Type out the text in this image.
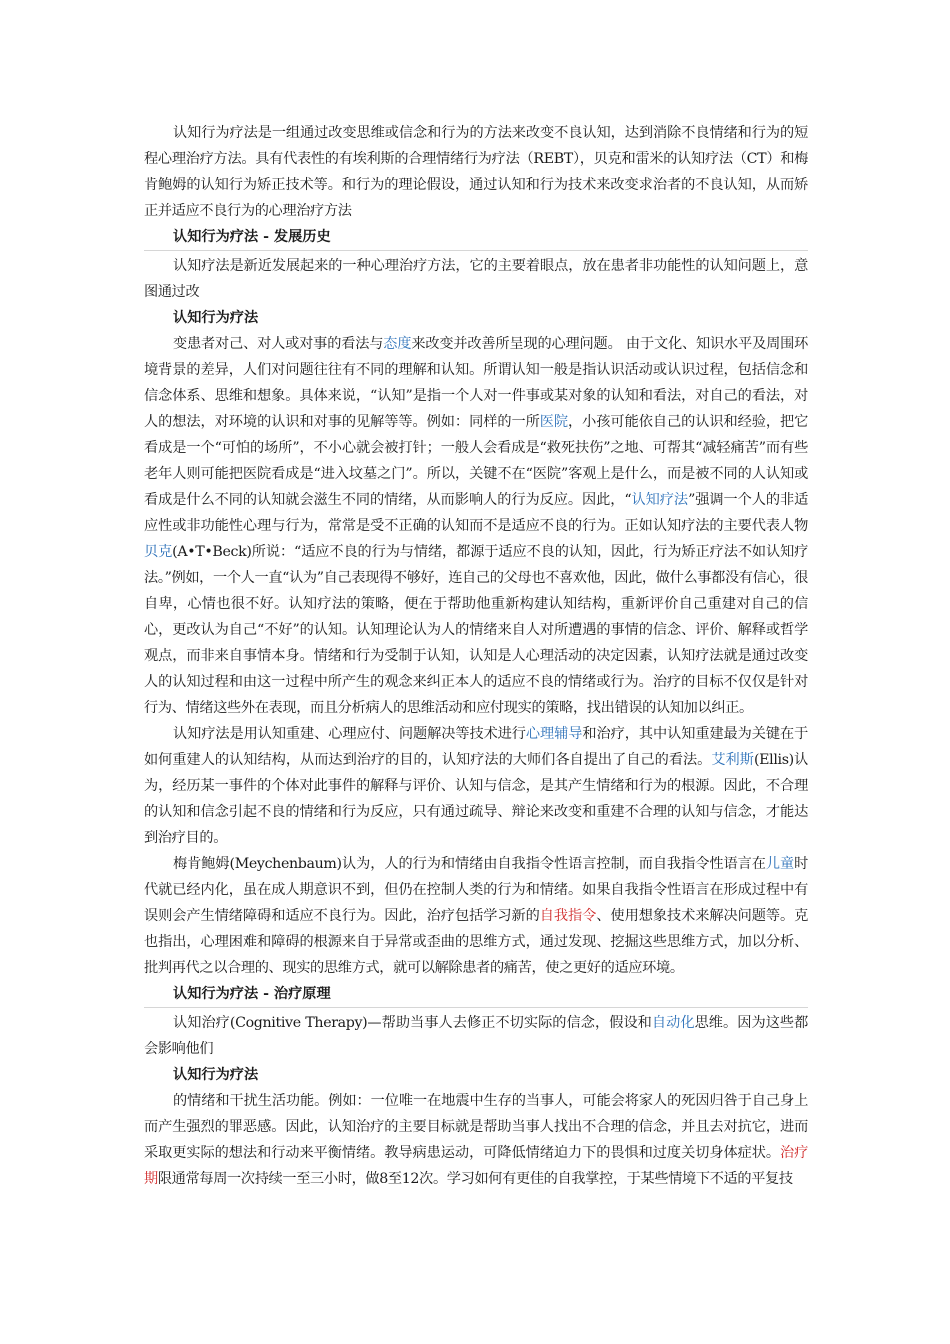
认知行为疗法是一组通过改变思维或信念和行为的方法来改变不良认知，达到消除不良情绪和行为的短程心理治疗方法。具有代表性的有埃利斯的合理情绪行为疗法（REBT），贝克和雷米的认知疗法（CT）和梅肯鲍姆的认知行为矫正技术等。和行为的理论假设，通过认知和行为技术来改变求治者的不良认知，从而矫正并适应不良行为的心理治疗方法

认知行为疗法 - 发展历史

认知疗法是新近发展起来的一种心理治疗方法，它的主要着眼点，放在患者非功能性的认知问题上，意图通过改

认知行为疗法

变患者对己、对人或对事的看法与态度来改变并改善所呈现的心理问题。 由于文化、知识水平及周围环境背景的差异，人们对问题往往有不同的理解和认知。所谓认知一般是指认识活动或认识过程，包括信念和信念体系、思维和想象。具体来说，“认知”是指一个人对一件事或某对象的认知和看法，对自己的看法，对人的想法，对环境的认识和对事的见解等等。例如：同样的一所医院，小孩可能依自己的认识和经验，把它看成是一个“可怕的场所”，不小心就会被打针；一般人会看成是“救死扶伤”之地、可帮其“减轻痛苦”而有些老年人则可能把医院看成是“进入坟墓之门”。所以，关键不在“医院”客观上是什么，而是被不同的人认知或看成是什么不同的认知就会滋生不同的情绪，从而影响人的行为反应。因此，“认知疗法”强调一个人的非适应性或非功能性心理与行为，常常是受不正确的认知而不是适应不良的行为。正如认知疗法的主要代表人物贝克(A•T•Beck)所说：“适应不良的行为与情绪，都源于适应不良的认知，因此，行为矫正疗法不如认知疗法。”例如，一个人一直“认为”自己表现得不够好，连自己的父母也不喜欢他，因此，做什么事都没有信心，很自卑，心情也很不好。认知疗法的策略，便在于帮助他重新构建认知结构，重新评价自己重建对自己的信心，更改认为自己“不好”的认知。认知理论认为人的情绪来自人对所遭遇的事情的信念、评价、解释或哲学观点，而非来自事情本身。情绪和行为受制于认知，认知是人心理活动的决定因素，认知疗法就是通过改变人的认知过程和由这一过程中所产生的观念来纠正本人的适应不良的情绪或行为。治疗的目标不仅仅是针对行为、情绪这些外在表现，而且分析病人的思维活动和应付现实的策略，找出错误的认知加以纠正。

认知疗法是用认知重建、心理应付、问题解决等技术进行心理辅导和治疗，其中认知重建最为关键在于如何重建人的认知结构，从而达到治疗的目的，认知疗法的大师们各自提出了自己的看法。艾利斯(Ellis)认为，经历某一事件的个体对此事件的解释与评价、认知与信念，是其产生情绪和行为的根源。因此，不合理的认知和信念引起不良的情绪和行为反应，只有通过疏导、辩论来改变和重建不合理的认知与信念，才能达到治疗目的。

梅肯鲍姆(Meychenbaum)认为，人的行为和情绪由自我指令性语言控制，而自我指令性语言在儿童时代就已经内化，虽在成人期意识不到，但仍在控制人类的行为和情绪。如果自我指令性语言在形成过程中有误则会产生情绪障碍和适应不良行为。因此，治疗包括学习新的自我指令、使用想象技术来解决问题等。克也指出，心理困难和障碍的根源来自于异常或歪曲的思维方式，通过发现、挖掘这些思维方式，加以分析、批判再代之以合理的、现实的思维方式，就可以解除患者的痛苦，使之更好的适应环境。

认知行为疗法 - 治疗原理

认知治疗(Cognitive Therapy)—帮助当事人去修正不切实际的信念，假设和自动化思维。因为这些都会影响他们

认知行为疗法

的情绪和干扰生活功能。例如：一位唯一在地震中生存的当事人，可能会将家人的死因归咎于自己身上而产生强烈的罪恶感。因此，认知治疗的主要目标就是帮助当事人找出不合理的信念，并且去对抗它，进而采取更实际的想法和行动来平衡情绪。教导病患运动，可降低情绪迫力下的畏惧和过度关切身体症状。治疗期限通常每周一次持续一至三小时，做8至12次。学习如何有更佳的自我掌控，于某些情境下不适的平复技
